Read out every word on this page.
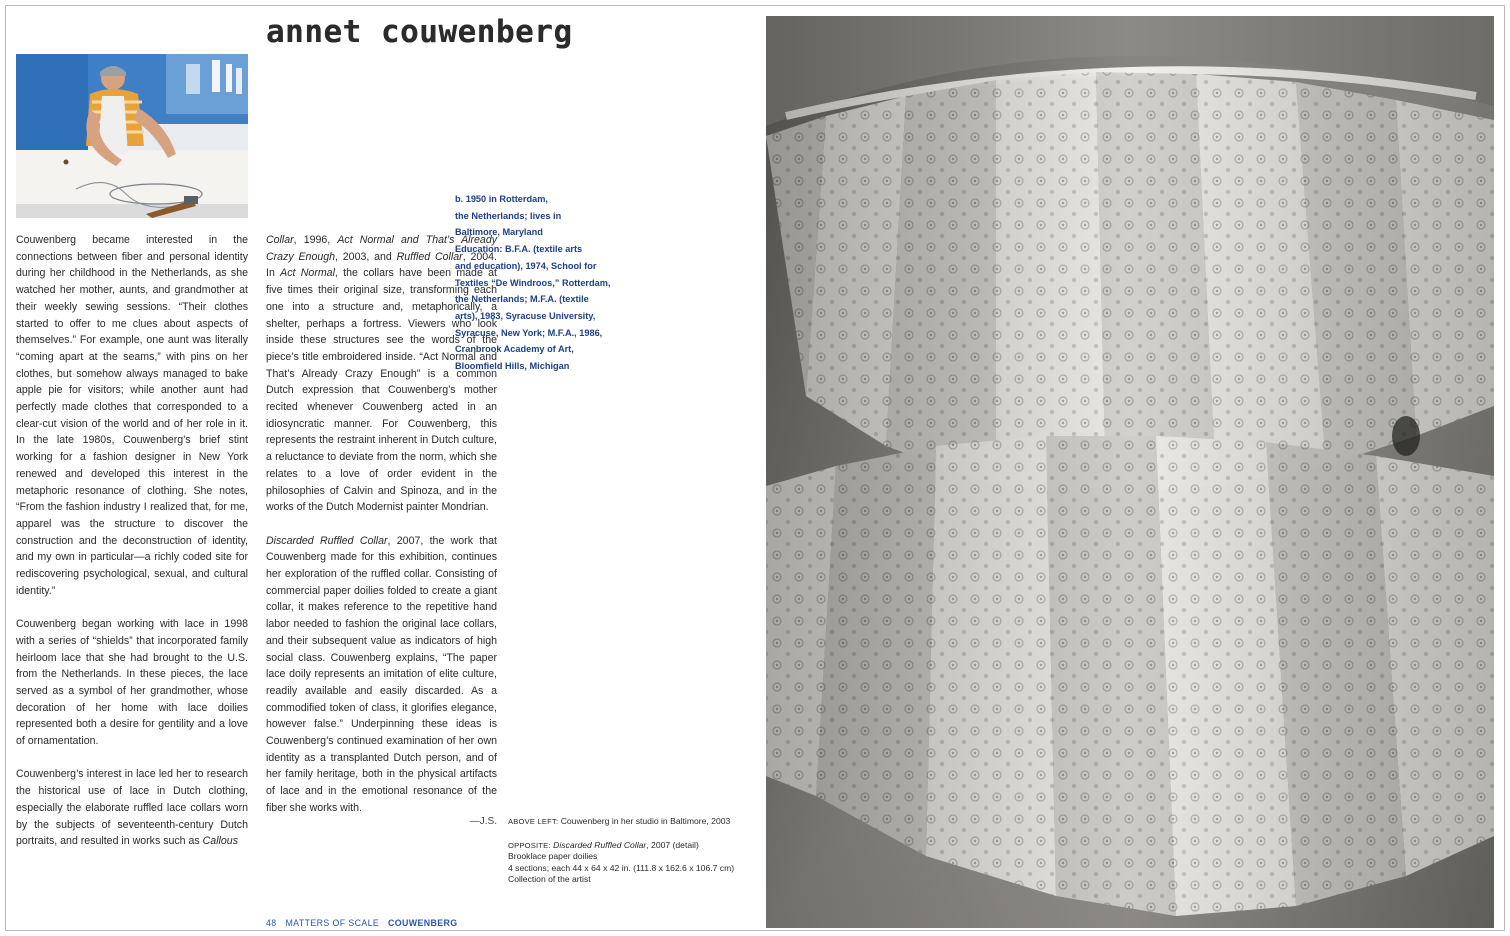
annet couwenberg

Couwenberg became interested in the connections between fiber and personal identity during her childhood in the Netherlands, as she watched her mother, aunts, and grandmother at their weekly sewing sessions. “Their clothes started to offer to me clues about aspects of themselves.” For example, one aunt was literally “coming apart at the seams,” with pins on her clothes, but somehow always managed to bake apple pie for visitors; while another aunt had perfectly made clothes that corresponded to a clear-cut vision of the world and of her role in it. In the late 1980s, Couwenberg’s brief stint working for a fashion designer in New York renewed and developed this interest in the metaphoric resonance of clothing. She notes, “From the fashion industry I realized that, for me, apparel was the structure to discover the construction and the deconstruction of identity, and my own in particular—a richly coded site for rediscovering psychological, sexual, and cultural identity.”

Couwenberg began working with lace in 1998 with a series of “shields” that incorporated family heirloom lace that she had brought to the U.S. from the Netherlands. In these pieces, the lace served as a symbol of her grandmother, whose decoration of her home with lace doilies represented both a desire for gentility and a love of ornamentation.

Couwenberg’s interest in lace led her to research the historical use of lace in Dutch clothing, especially the elaborate ruffled lace collars worn by the subjects of seventeenth-century Dutch portraits, and resulted in works such as Callous

Collar, 1996, Act Normal and That’s Already Crazy Enough, 2003, and Ruffled Collar, 2004. In Act Normal, the collars have been made at five times their original size, transforming each one into a structure and, metaphorically, a shelter, perhaps a fortress. Viewers who look inside these structures see the words of the piece’s title embroidered inside. “Act Normal and That’s Already Crazy Enough” is a common Dutch expression that Couwenberg’s mother recited whenever Couwenberg acted in an idiosyncratic manner. For Couwenberg, this represents the restraint inherent in Dutch culture, a reluctance to deviate from the norm, which she relates to a love of order evident in the philosophies of Calvin and Spinoza, and in the works of the Dutch Modernist painter Mondrian.

Discarded Ruffled Collar, 2007, the work that Couwenberg made for this exhibition, continues her exploration of the ruffled collar. Consisting of commercial paper doilies folded to create a giant collar, it makes reference to the repetitive hand labor needed to fashion the original lace collars, and their subsequent value as indicators of high social class. Couwenberg explains, “The paper lace doily represents an imitation of elite culture, readily available and easily discarded. As a commodified token of class, it glorifies elegance, however false.” Underpinning these ideas is Couwenberg’s continued examination of her own identity as a transplanted Dutch person, and of her family heritage, both in the physical artifacts of lace and in the emotional resonance of the fiber she works with.

—J.S.
b. 1950 in Rotterdam,
the Netherlands; lives in
Baltimore, Maryland
Education: B.F.A. (textile arts
and education), 1974, School for
Textiles “De Windroos,” Rotterdam,
the Netherlands; M.F.A. (textile
arts), 1983, Syracuse University,
Syracuse, New York; M.F.A., 1986,
Cranbrook Academy of Art,
Bloomfield Hills, Michigan
ABOVE LEFT: Couwenberg in her studio in Baltimore, 2003
OPPOSITE: Discarded Ruffled Collar, 2007 (detail)
Brooklace paper doilies
4 sections; each 44 x 64 x 42 in. (111.8 x 162.6 x 106.7 cm)
Collection of the artist
48 MATTERS OF SCALE COUWENBERG
